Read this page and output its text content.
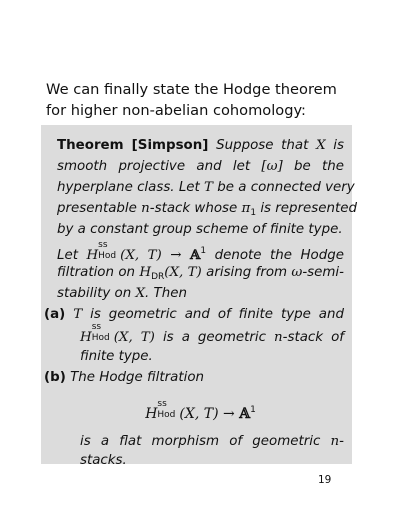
We can finally state the Hodge theorem for higher non-abelian cohomology:

Theorem [Simpson] Suppose that X is
smooth projective and let [ω] be the
hyperplane class. Let T be a connected very
presentable n-stack whose $\pi_1$ is represented
by a constant group scheme of finite type.
Let H
ss
Hod (X, T) → 𝔸$^1$ denote the Hodge
filtration on $H_{DR}(X$, T) arising from ω-semi-
stability on X. Then
(a) T is geometric and of finite type and
H
ss
Hod (X, T) is a geometric n-stack of
finite type.
(b) The Hodge filtration
H
ss
Hod (X, T) → 𝔸$^1$
is a flat morphism of geometric n-
stacks.
19
